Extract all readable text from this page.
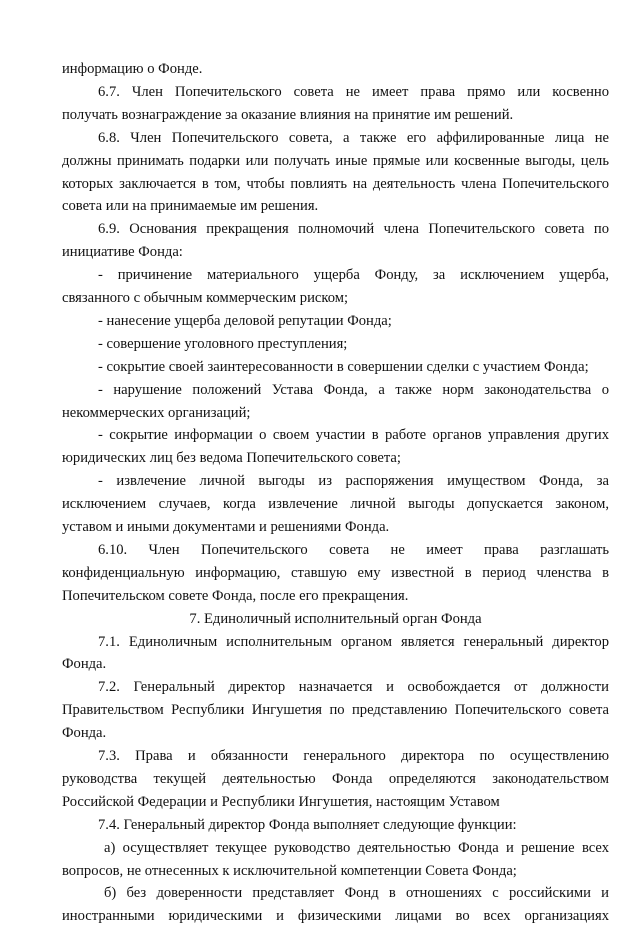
информацию о Фонде.
6.7. Член Попечительского совета не имеет права прямо или косвенно
получать вознаграждение за оказание влияния на принятие им решений.
6.8. Член Попечительского совета, а также его аффилированные лица не
должны принимать подарки или получать иные прямые или косвенные выгоды, цель
которых заключается в том, чтобы повлиять на деятельность члена Попечительского
совета или на принимаемые им решения.
6.9. Основания прекращения полномочий члена Попечительского совета по
инициативе Фонда:
- причинение материального ущерба Фонду, за исключением ущерба,
связанного с обычным коммерческим риском;
- нанесение ущерба деловой репутации Фонда;
- совершение уголовного преступления;
- сокрытие своей заинтересованности в совершении сделки с участием Фонда;
- нарушение положений Устава Фонда, а также норм законодательства о
некоммерческих организаций;
- сокрытие информации о своем участии в работе органов управления других
юридических лиц без ведома Попечительского совета;
- извлечение личной выгоды из распоряжения имуществом Фонда, за
исключением случаев, когда извлечение личной выгоды допускается законом,
уставом и иными документами и решениями Фонда.
6.10. Член Попечительского совета не имеет права разглашать
конфиденциальную информацию, ставшую ему известной в период членства в
Попечительском совете Фонда, после его прекращения.
7. Единоличный исполнительный орган Фонда
7.1. Единоличным исполнительным органом является генеральный директор
Фонда.
7.2. Генеральный директор назначается и освобождается от должности
Правительством Республики Ингушетия по представлению Попечительского совета
Фонда.
7.3. Права и обязанности генерального директора по осуществлению
руководства текущей деятельностью Фонда определяются законодательством
Российской Федерации и Республики Ингушетия, настоящим Уставом
7.4. Генеральный директор Фонда выполняет следующие функции:
а) осуществляет текущее руководство деятельностью Фонда и решение всех
вопросов, не отнесенных к исключительной компетенции Совета Фонда;
б) без доверенности представляет Фонд в отношениях с российскими и
иностранными юридическими и физическими лицами во всех организациях
